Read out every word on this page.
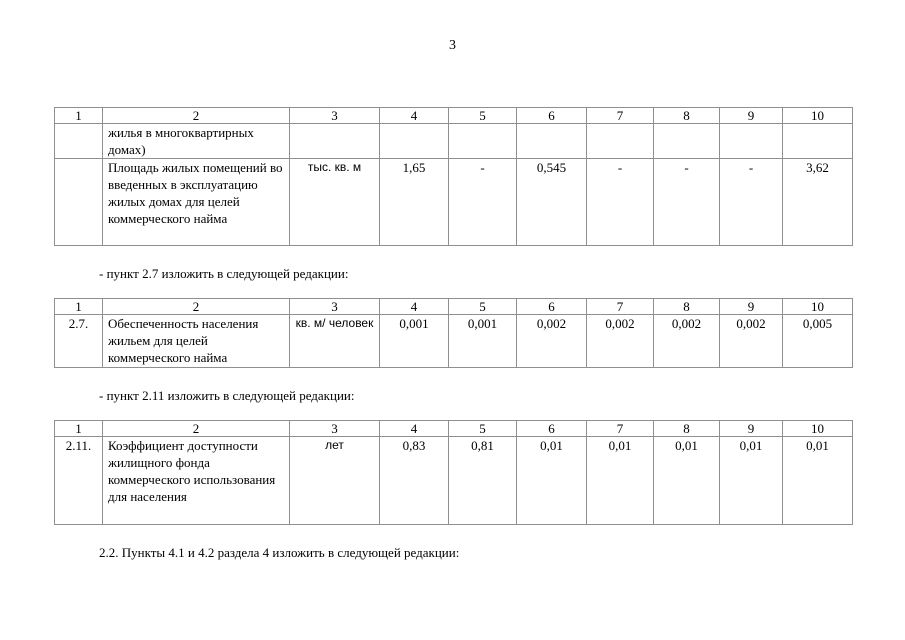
3
1	2	3	4	5	6	7	8	9	10
	жилья в многоквартирных домах)								
	Площадь жилых помещений во введенных в эксплуатацию жилых домах для целей коммерческого найма	тыс. кв. м	1,65	-	0,545	-	-	-	3,62
- пункт 2.7 изложить в следующей редакции:
1	2	3	4	5	6	7	8	9	10
2.7.	Обеспеченность населения жильем для целей коммерческого найма	кв. м/ человек	0,001	0,001	0,002	0,002	0,002	0,002	0,005
- пункт 2.11 изложить в следующей редакции:
1	2	3	4	5	6	7	8	9	10
2.11.	Коэффициент доступности жилищного фонда коммерческого использования для населения	лет	0,83	0,81	0,01	0,01	0,01	0,01	0,01
2.2. Пункты 4.1 и 4.2 раздела 4 изложить в следующей редакции:
